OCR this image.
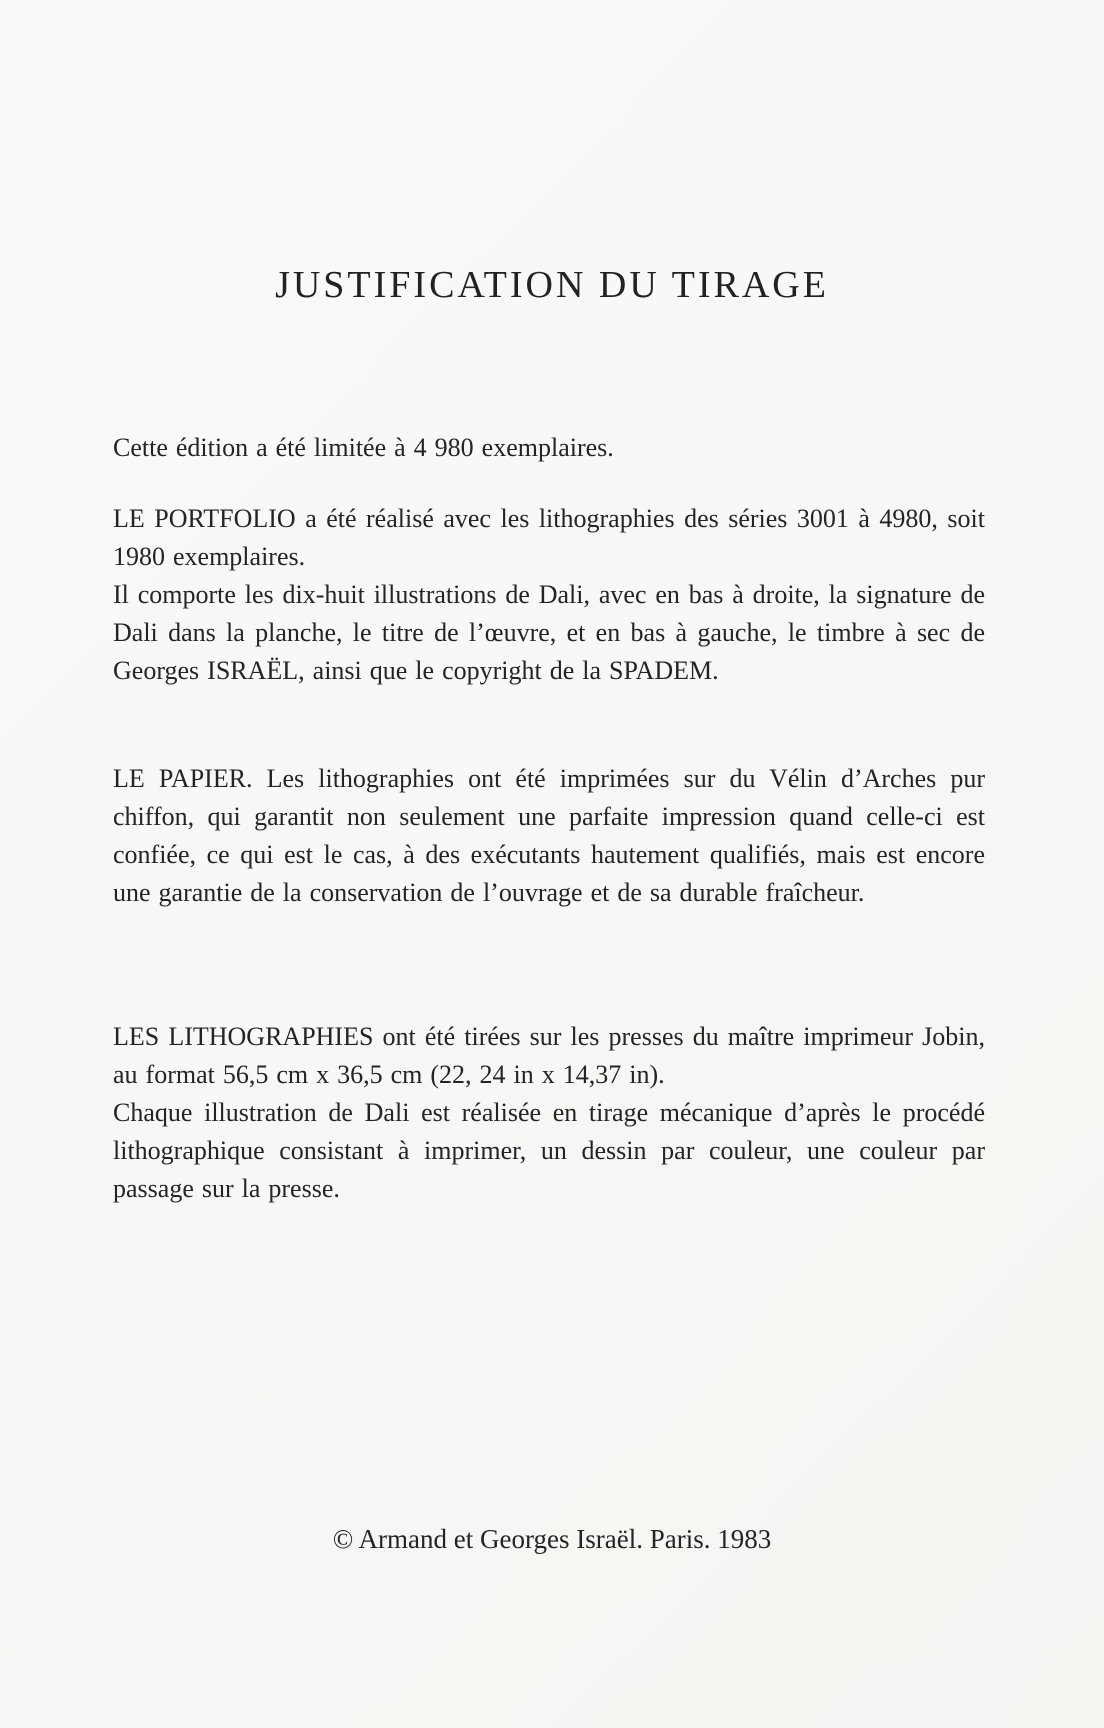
JUSTIFICATION DU TIRAGE

Cette édition a été limitée à 4 980 exemplaires.

LE PORTFOLIO a été réalisé avec les lithographies des séries 3001 à 4980, soit 1980 exemplaires.

Il comporte les dix-huit illustrations de Dali, avec en bas à droite, la signature de Dali dans la planche, le titre de l’œuvre, et en bas à gauche, le timbre à sec de Georges ISRAËL, ainsi que le copyright de la SPADEM.

LE PAPIER. Les lithographies ont été imprimées sur du Vélin d’Arches pur chiffon, qui garantit non seulement une parfaite impression quand celle-ci est confiée, ce qui est le cas, à des exécutants hautement qualifiés, mais est encore une garantie de la conservation de l’ouvrage et de sa durable fraîcheur.

LES LITHOGRAPHIES ont été tirées sur les presses du maître imprimeur Jobin, au format 56,5 cm x 36,5 cm (22, 24 in x 14,37 in).

Chaque illustration de Dali est réalisée en tirage mécanique d’après le procédé lithographique consistant à imprimer, un dessin par couleur, une couleur par passage sur la presse.

© Armand et Georges Israël. Paris. 1983
